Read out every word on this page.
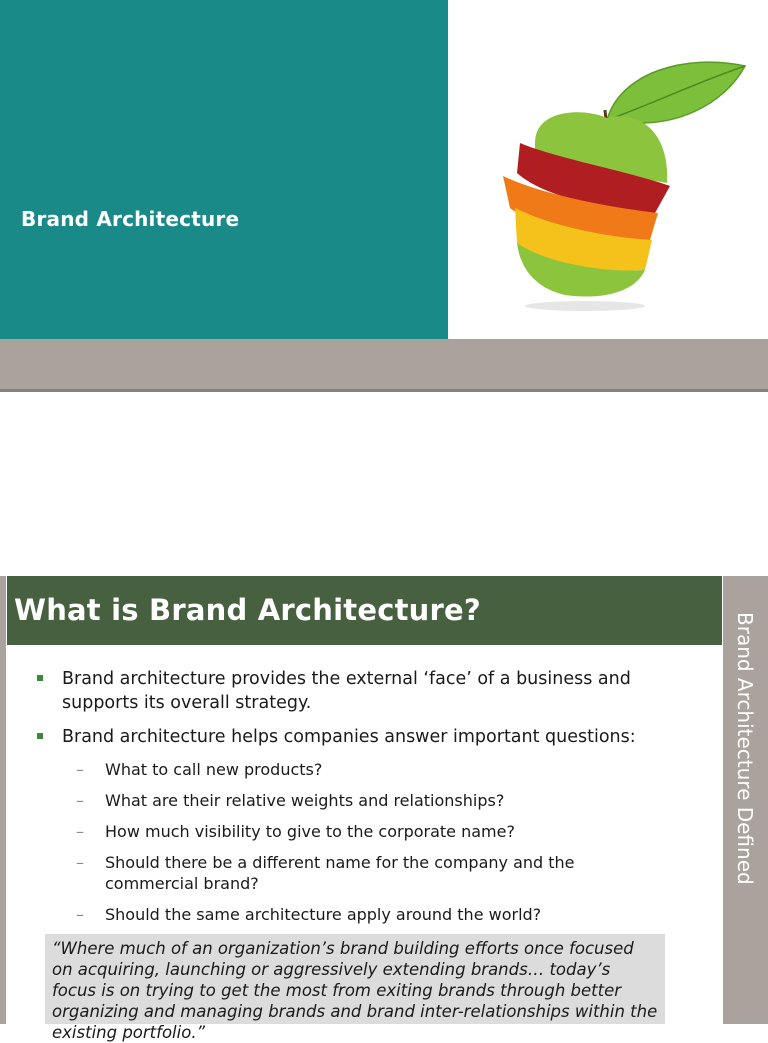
Brand Architecture
What is Brand Architecture?
Brand Architecture Defined
Brand architecture provides the external ‘face’ of a business and supports its overall strategy.
Brand architecture helps companies answer important questions:
– What to call new products?
– What are their relative weights and relationships?
– How much visibility to give to the corporate name?
– Should there be a different name for the company and the commercial brand?
– Should the same architecture apply around the world?
“Where much of an organization’s brand building efforts once focused on acquiring, launching or aggressively extending brands… today’s focus is on trying to get the most from exiting brands through better organizing and managing brands and brand inter-relationships within the existing portfolio.”
